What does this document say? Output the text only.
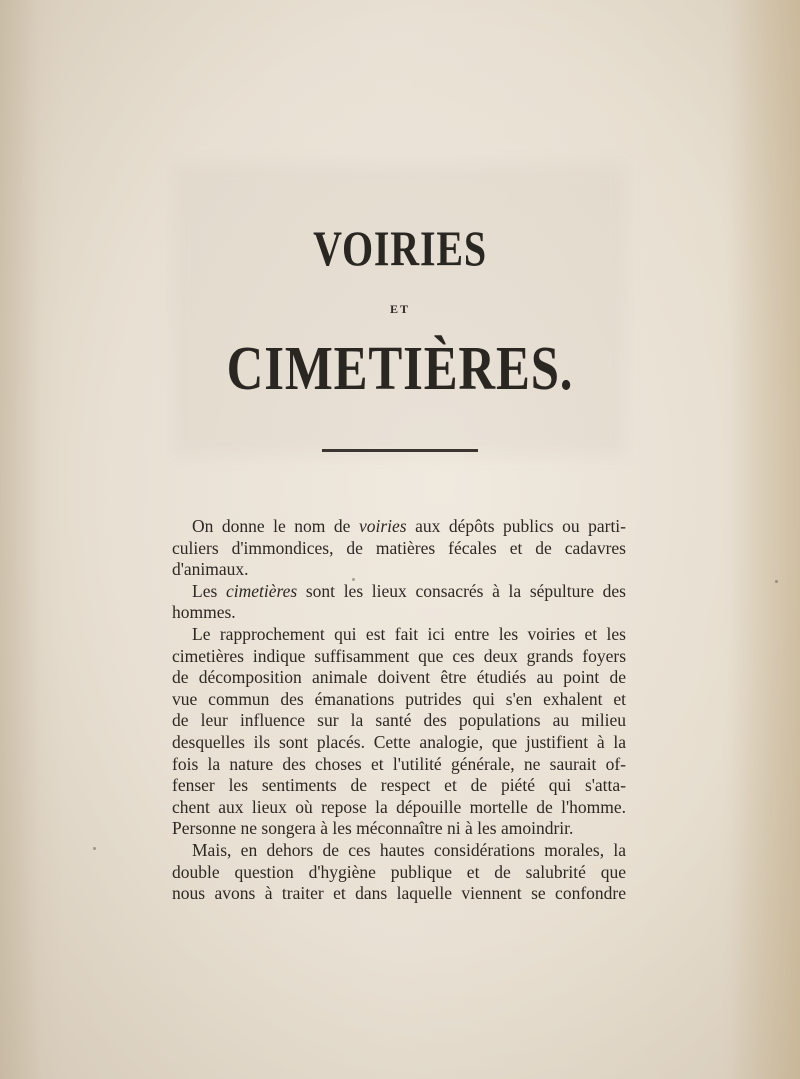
VOIRIES
ET
CIMETIÈRES.
On donne le nom de voiries aux dépôts publics ou parti-
culiers d'immondices, de matières fécales et de cadavres
d'animaux.
Les cimetières sont les lieux consacrés à la sépulture des
hommes.
Le rapprochement qui est fait ici entre les voiries et les
cimetières indique suffisamment que ces deux grands foyers
de décomposition animale doivent être étudiés au point de
vue commun des émanations putrides qui s'en exhalent et
de leur influence sur la santé des populations au milieu
desquelles ils sont placés. Cette analogie, que justifient à la
fois la nature des choses et l'utilité générale, ne saurait of-
fenser les sentiments de respect et de piété qui s'atta-
chent aux lieux où repose la dépouille mortelle de l'homme.
Personne ne songera à les méconnaître ni à les amoindrir.
Mais, en dehors de ces hautes considérations morales, la
double question d'hygiène publique et de salubrité que
nous avons à traiter et dans laquelle viennent se confondre
